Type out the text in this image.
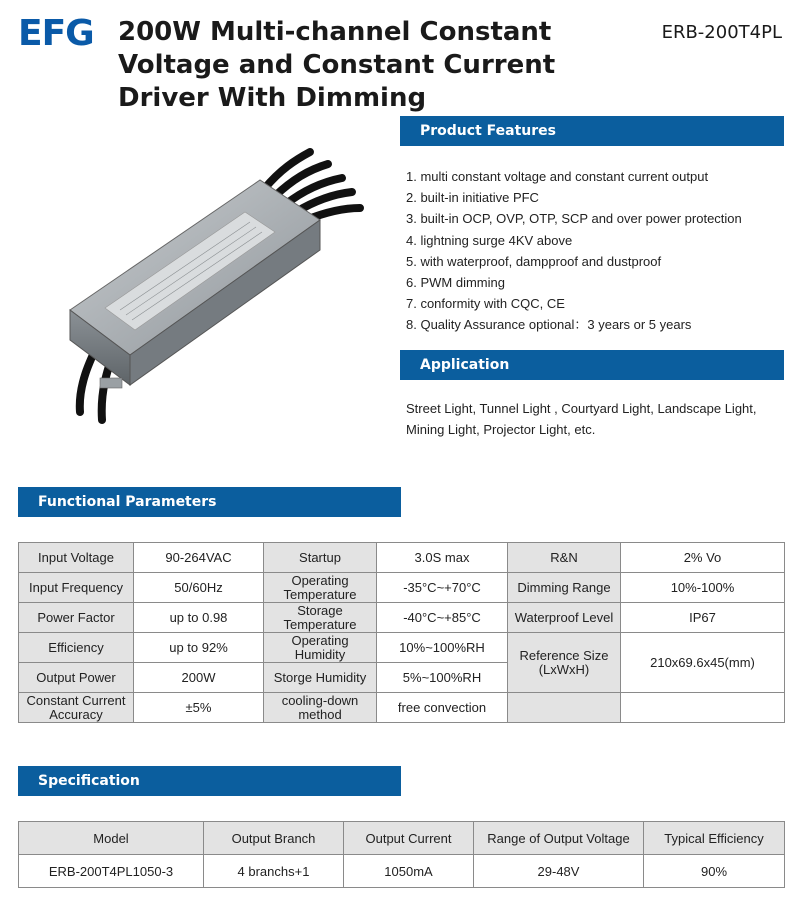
EFG 200W Multi-channel Constant Voltage and Constant Current Driver With Dimming
ERB-200T4PL
Product Features
1. multi constant voltage and constant current output
2. built-in initiative PFC
3. built-in OCP, OVP, OTP, SCP and over power protection
4. lightning surge 4KV above
5. with waterproof, dampproof and dustproof
6. PWM dimming
7. conformity with CQC, CE
8. Quality Assurance optional：3 years or 5 years
Application

Street Light, Tunnel Light , Courtyard Light, Landscape Light, Mining Light, Projector Light, etc.

Functional Parameters
Input Voltage	90-264VAC	Startup	3.0S max	R&N	2% Vo
Input Frequency	50/60Hz	Operating Temperature	-35°C~+70°C	Dimming Range	10%-100%
Power Factor	up to 0.98	Storage Temperature	-40°C~+85°C	Waterproof Level	IP67
Efficiency	up to 92%	Operating Humidity	10%~100%RH	Reference Size (LxWxH)	210x69.6x45(mm)
Output Power	200W	Storge Humidity	5%~100%RH		
Constant Current Accuracy	±5%	cooling-down method	free convection		
Specification
Model	Output Branch	Output Current	Range of Output Voltage	Typical Efficiency
ERB-200T4PL1050-3	4 branchs+1	1050mA	29-48V	90%
